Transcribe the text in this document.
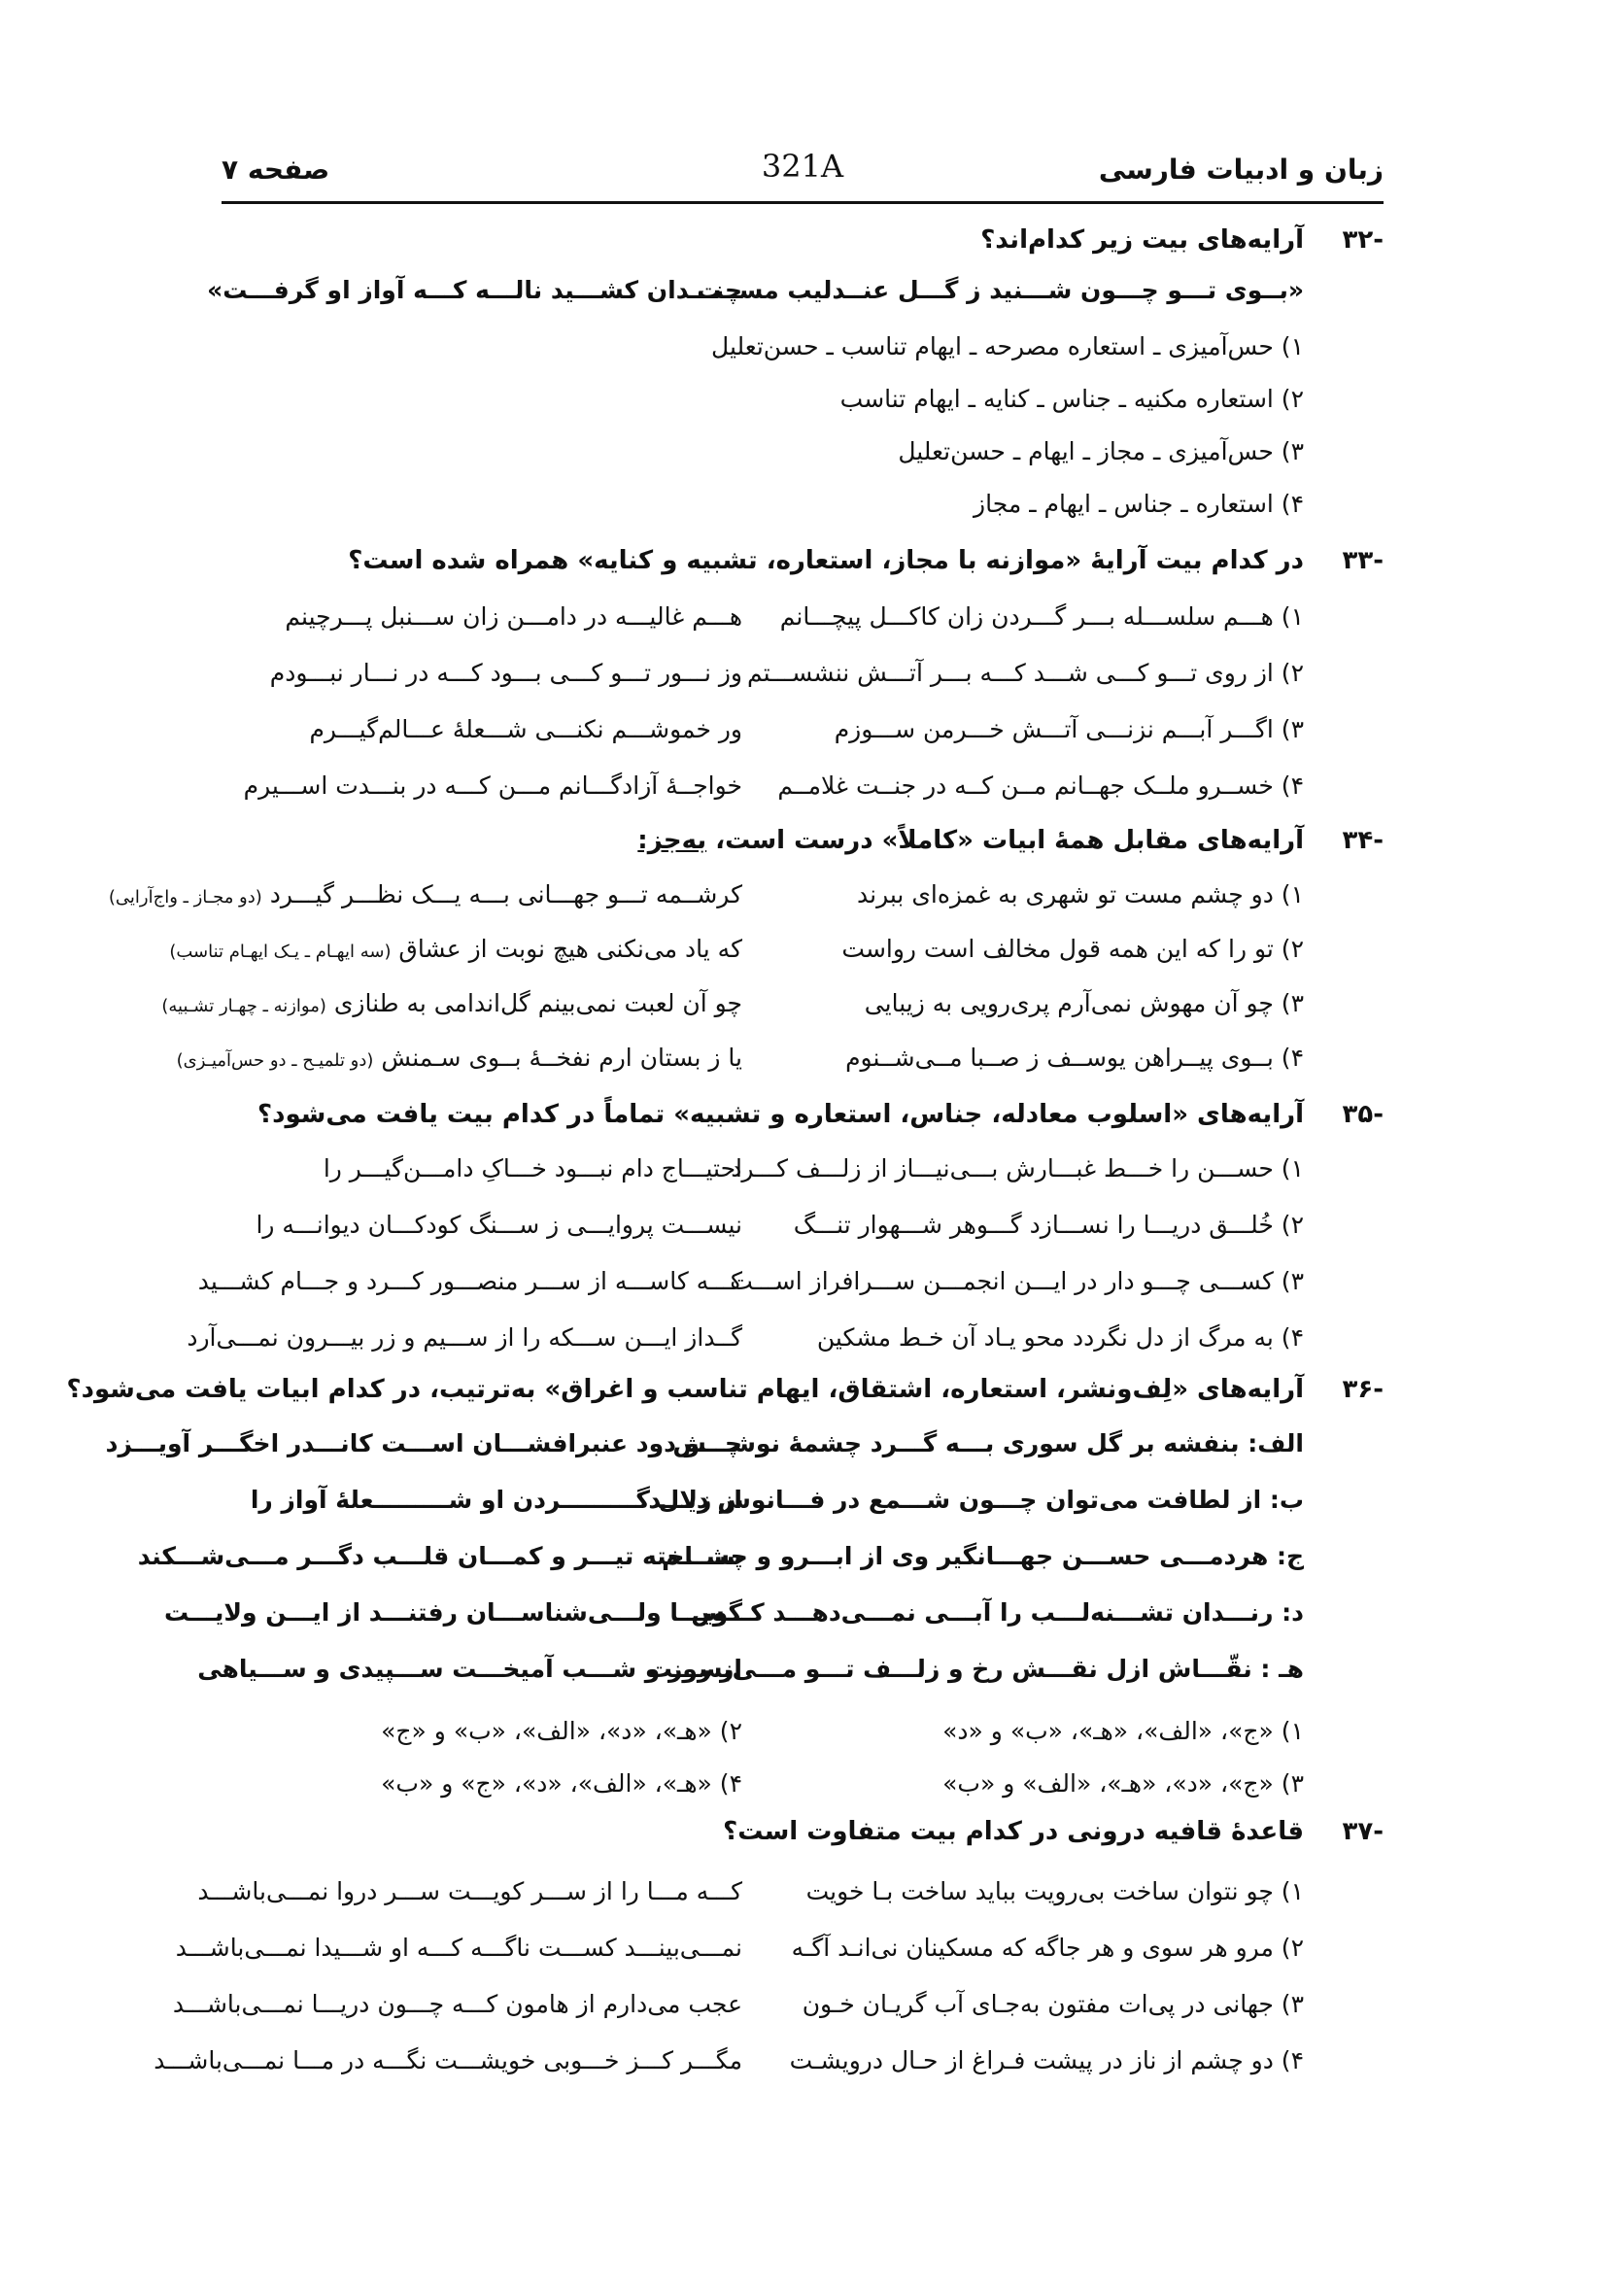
زبان و ادبیات فارسی
321A
صفحه ۷
-۳۲
آرایه‌های بیت زیر کدام‌اند؟
«بــوی تـــو چـــون شـــنید ز گـــل عنــدلیب مســت
چنـــدان کشـــید نالـــه کـــه آواز او گرفـــت»
۱) حس‌آمیزی ـ استعاره مصرحه ـ ایهام تناسب ـ حسن‌تعلیل
۲) استعاره مکنیه ـ جناس ـ کنایه ـ ایهام تناسب
۳) حس‌آمیزی ـ مجاز ـ ایهام ـ حسن‌تعلیل
۴) استعاره ـ جناس ـ ایهام ـ مجاز
-۳۳
در کدام بیت آرایهٔ «موازنه با مجاز، استعاره، تشبیه و کنایه» همراه شده است؟
۱) هـــم سلســـله بـــر گـــردن زان کاکـــل پیچـــانم
هـــم غالیـــه در دامـــن زان ســـنبل پـــرچینم
۲) از روی تـــو کـــی شـــد کـــه بـــر آتـــش ننشســـتم
وز نـــور تـــو کـــی بـــود کـــه در نـــار نبـــودم
۳) اگـــر آبـــم نزنـــی آتـــش خـــرمن ســـوزم
ور خموشـــم نکنـــی شـــعلهٔ عـــالم‌گیـــرم
۴) خســرو ملــک جهــانم مــن کــه در جنــت غلامــم
خواجــهٔ آزادگـــانم مـــن کـــه در بنـــدت اســـیرم
-۳۴
آرایه‌های مقابل همهٔ ابیات «کاملاً» درست است، به‌جز:
۱) دو چشم مست تو شهری به غمزه‌ای ببرند
کرشــمه تـــو جهـــانی بـــه یـــک نظـــر گیـــرد (دو مجـاز ـ واج‌آرایی)
۲) تو را که این همه قول مخالف است رواست
که یاد می‌نکنی هیچ نوبت از عشاق (سه ایهـام ـ یـک ایهـام تناسب)
۳) چو آن مهوش نمی‌آرم پری‌رویی به زیبایی
چو آن لعبت نمی‌بینم گل‌اندامی به طنازی (موازنه ـ چهـار تشـبیه)
۴) بــوی پیــراهن یوســف ز صــبا مــی‌شــنوم
یا ز بستان ارم نفخــهٔ بــوی سـمنش (دو تلمیـح ـ دو حس‌آمیـزی)
-۳۵
آرایه‌های «اسلوب معادله، جناس، استعاره و تشبیه» تماماً در کدام بیت یافت می‌شود؟
۱) حســـن را خـــط غبـــارش بـــی‌نیـــاز از زلـــف کـــرد
احتیـــاج دام نبـــود خـــاکِ دامـــن‌گیـــر را
۲) خُلـــق دریـــا را نســـازد گـــوهر شـــهوار تنـــگ
نیســـت پروایـــی ز ســـنگ کودکـــان دیوانـــه را
۳) کســـی چـــو دار در ایـــن انجمـــن ســـرافراز اســـت
کـــه کاســـه از ســـر منصـــور کـــرد و جـــام کشـــید
۴) به مرگ از دل نگردد محو یـاد آن خـط مشکین
گــداز ایـــن ســـکه را از ســـیم و زر بیـــرون نمـــی‌آرد
-۳۶
آرایه‌های «لِف‌ونشر، استعاره، اشتقاق، ایهام تناسب و اغراق» به‌ترتیب، در کدام ابیات یافت می‌شود؟
الف: بنفشه بر گل سوری بـــه گـــرد چشمهٔ نوشـــش
چـــو دود عنبرافشـــان اســـت کانـــدر اخگـــر آویـــزد
ب: از لطافت می‌توان چـــون شـــمع در فـــانوس دیـــد
از زلال گـــــــــردن او شـــــــــعلهٔ آواز را
ج: هردمـــی حســـن جهـــانگیر وی از ابـــرو و چشـــم
ســـاخته تیـــر و کمـــان قلـــب دگـــر مـــی‌شـــکند
د: رنـــدان تشـــنه‌لـــب را آبـــی نمـــی‌دهـــد کـــس
گویـــا ولـــی‌شناســـان رفتنـــد از ایـــن ولایـــت
هـ : نقّـــاش ازل نقـــش رخ و زلـــف تـــو مـــی‌بســـت
از روز و شـــب آمیخـــت ســـپیدی و ســـیاهی
۱) «ج»، «الف»، «هـ»، «ب» و «د»
۲) «هـ»، «د»، «الف»، «ب» و «ج»
۳) «ج»، «د»، «هـ»، «الف» و «ب»
۴) «هـ»، «الف»، «د»، «ج» و «ب»
-۳۷
قاعدهٔ قافیه درونی در کدام بیت متفاوت است؟
۱) چو نتوان ساخت بی‌رویت بباید ساخت بـا خویت
کـــه مـــا را از ســـر کویـــت ســـر دروا نمـــی‌باشـــد
۲) مرو هر سوی و هر جاگه که مسکینان نی‌انـد آگـه
نمـــی‌بینـــد کســـت ناگـــه کـــه او شـــیدا نمـــی‌باشـــد
۳) جهانی در پی‌ات مفتون به‌جـای آب گریـان خـون
عجب می‌دارم از هامون کـــه چـــون دریـــا نمـــی‌باشـــد
۴) دو چشم از ناز در پیشت فـراغ از حـال درویشـت
مگـــر کـــز خـــوبی خویشـــت نگـــه در مـــا نمـــی‌باشـــد
